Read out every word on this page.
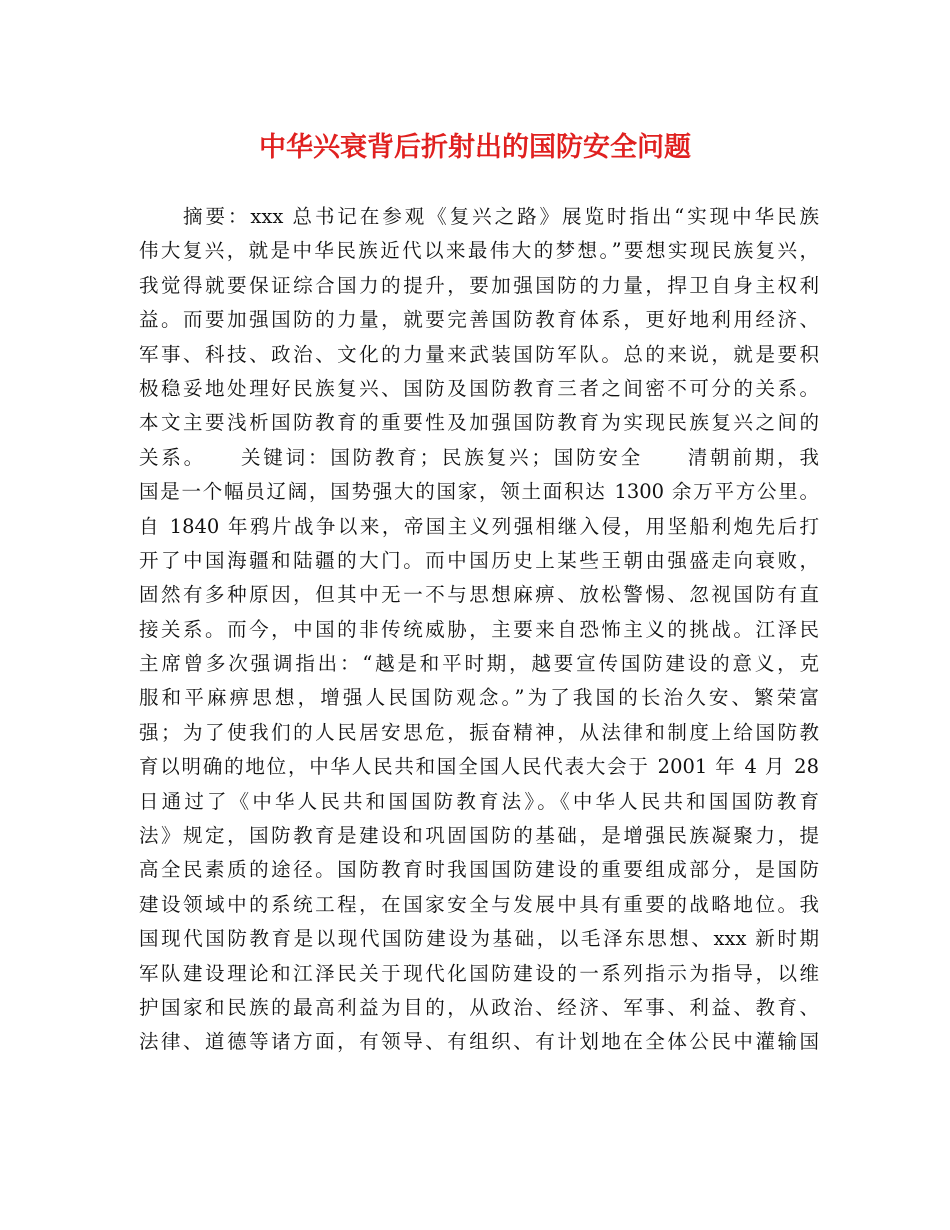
中华兴衰背后折射出的国防安全问题
摘要：xxx 总书记在参观《复兴之路》展览时指出“实现中华民族
伟大复兴，就是中华民族近代以来最伟大的梦想。”要想实现民族复兴，
我觉得就要保证综合国力的提升，要加强国防的力量，捍卫自身主权利
益。而要加强国防的力量，就要完善国防教育体系，更好地利用经济、
军事、科技、政治、文化的力量来武装国防军队。总的来说，就是要积
极稳妥地处理好民族复兴、国防及国防教育三者之间密不可分的关系。
本文主要浅析国防教育的重要性及加强国防教育为实现民族复兴之间的
关系。　　关键词：国防教育；民族复兴；国防安全　　清朝前期，我
国是一个幅员辽阔，国势强大的国家，领土面积达 1300 余万平方公里。
自 1840 年鸦片战争以来，帝国主义列强相继入侵，用坚船利炮先后打
开了中国海疆和陆疆的大门。而中国历史上某些王朝由强盛走向衰败，
固然有多种原因，但其中无一不与思想麻痹、放松警惕、忽视国防有直
接关系。而今，中国的非传统威胁，主要来自恐怖主义的挑战。江泽民
主席曾多次强调指出：“越是和平时期，越要宣传国防建设的意义，克
服和平麻痹思想，增强人民国防观念。”为了我国的长治久安、繁荣富
强；为了使我们的人民居安思危，振奋精神，从法律和制度上给国防教
育以明确的地位，中华人民共和国全国人民代表大会于 2001 年 4 月 28
日通过了《中华人民共和国国防教育法》。《中华人民共和国国防教育
法》规定，国防教育是建设和巩固国防的基础，是增强民族凝聚力，提
高全民素质的途径。国防教育时我国国防建设的重要组成部分，是国防
建设领域中的系统工程，在国家安全与发展中具有重要的战略地位。我
国现代国防教育是以现代国防建设为基础，以毛泽东思想、xxx 新时期
军队建设理论和江泽民关于现代化国防建设的一系列指示为指导，以维
护国家和民族的最高利益为目的，从政治、经济、军事、利益、教育、
法律、道德等诸方面，有领导、有组织、有计划地在全体公民中灌输国
